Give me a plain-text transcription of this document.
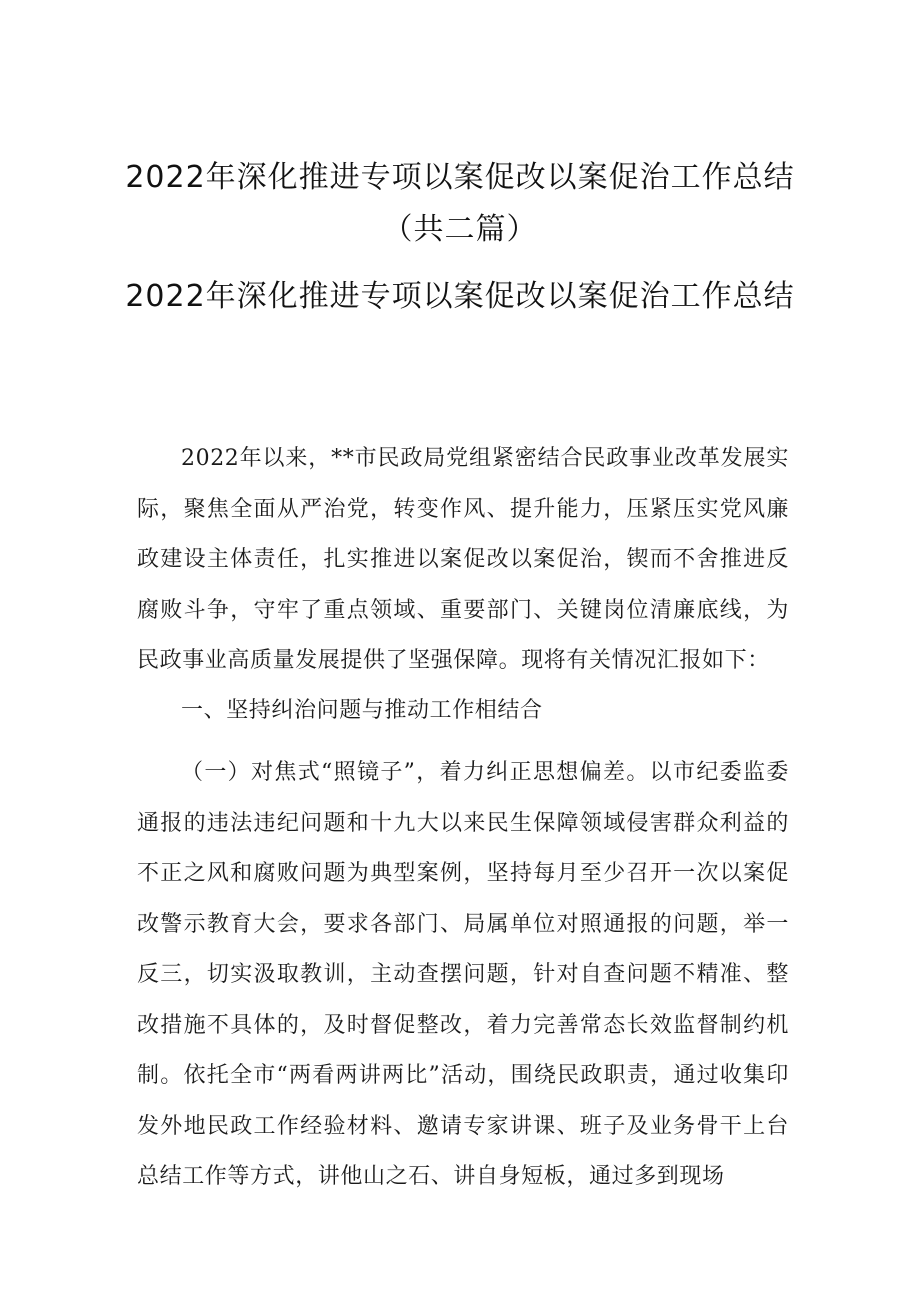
2022年深化推进专项以案促改以案促治工作总结（共二篇）
2022年深化推进专项以案促改以案促治工作总结

2022年以来，**市民政局党组紧密结合民政事业改革发展实际，聚焦全面从严治党，转变作风、提升能力，压紧压实党风廉政建设主体责任，扎实推进以案促改以案促治，锲而不舍推进反腐败斗争，守牢了重点领域、重要部门、关键岗位清廉底线，为民政事业高质量发展提供了坚强保障。现将有关情况汇报如下：

一、坚持纠治问题与推动工作相结合

（一）对焦式“照镜子”，着力纠正思想偏差。以市纪委监委通报的违法违纪问题和十九大以来民生保障领域侵害群众利益的不正之风和腐败问题为典型案例，坚持每月至少召开一次以案促改警示教育大会，要求各部门、局属单位对照通报的问题，举一反三，切实汲取教训，主动查摆问题，针对自查问题不精准、整改措施不具体的，及时督促整改，着力完善常态长效监督制约机制。依托全市“两看两讲两比”活动，围绕民政职责，通过收集印发外地民政工作经验材料、邀请专家讲课、班子及业务骨干上台总结工作等方式，讲他山之石、讲自身短板，通过多到现场
